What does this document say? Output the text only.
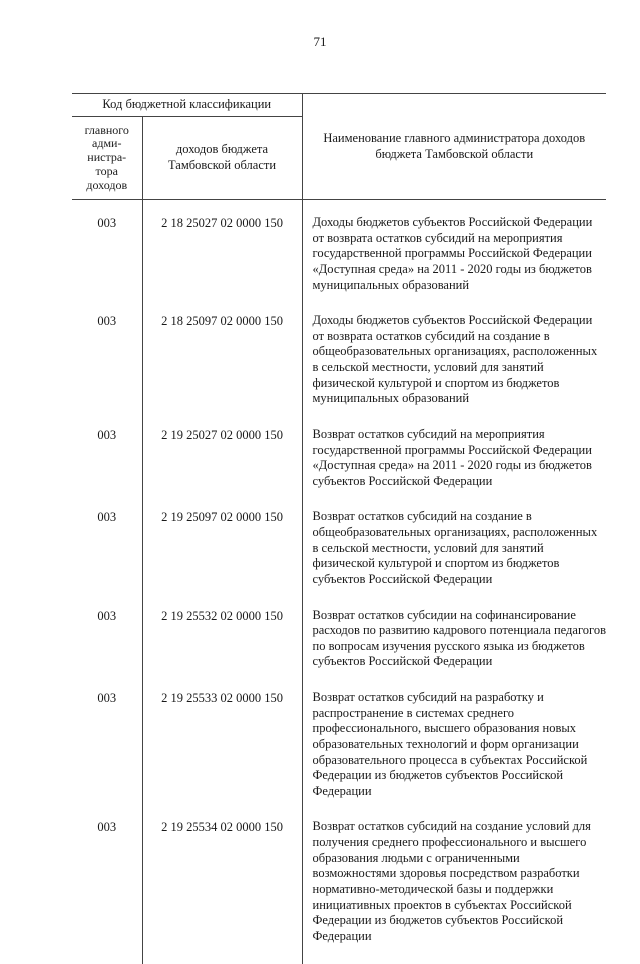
71
Код бюджетной классификации		Наименование главного администратора доходов бюджета Тамбовской области
главного
адми-
нистра-
тора
доходов	доходов бюджета Тамбовской области	

003	2 18 25027 02 0000 150	Доходы бюджетов субъектов Российской Федерации от возврата остатков субсидий на мероприятия государственной программы Российской Федерации «Доступная среда» на 2011 - 2020 годы из бюджетов муниципальных образований
003	2 18 25097 02 0000 150	Доходы бюджетов субъектов Российской Федерации от возврата остатков субсидий на создание в общеобразовательных организациях, расположенных в сельской местности, условий для занятий физической культурой и спортом из бюджетов муниципальных образований
003	2 19 25027 02 0000 150	Возврат остатков субсидий на мероприятия государственной программы Российской Федерации «Доступная среда» на 2011 - 2020 годы из бюджетов субъектов Российской Федерации
003	2 19 25097 02 0000 150	Возврат остатков субсидий на создание в общеобразовательных организациях, расположенных в сельской местности, условий для занятий физической культурой и спортом из бюджетов субъектов Российской Федерации
003	2 19 25532 02 0000 150	Возврат остатков субсидии на софинансирование расходов по развитию кадрового потенциала педагогов по вопросам изучения русского языка из бюджетов субъектов Российской Федерации
003	2 19 25533 02 0000 150	Возврат остатков субсидий на разработку и распространение в системах среднего профессионального, высшего образования новых образовательных технологий и форм организации образовательного процесса в субъектах Российской Федерации из бюджетов субъектов Российской Федерации
003	2 19 25534 02 0000 150	Возврат остатков субсидий на создание условий для получения среднего профессионального и высшего образования людьми с ограниченными возможностями здоровья посредством разработки нормативно-методической базы и поддержки инициативных проектов в субъектах Российской Федерации из бюджетов субъектов Российской Федерации
